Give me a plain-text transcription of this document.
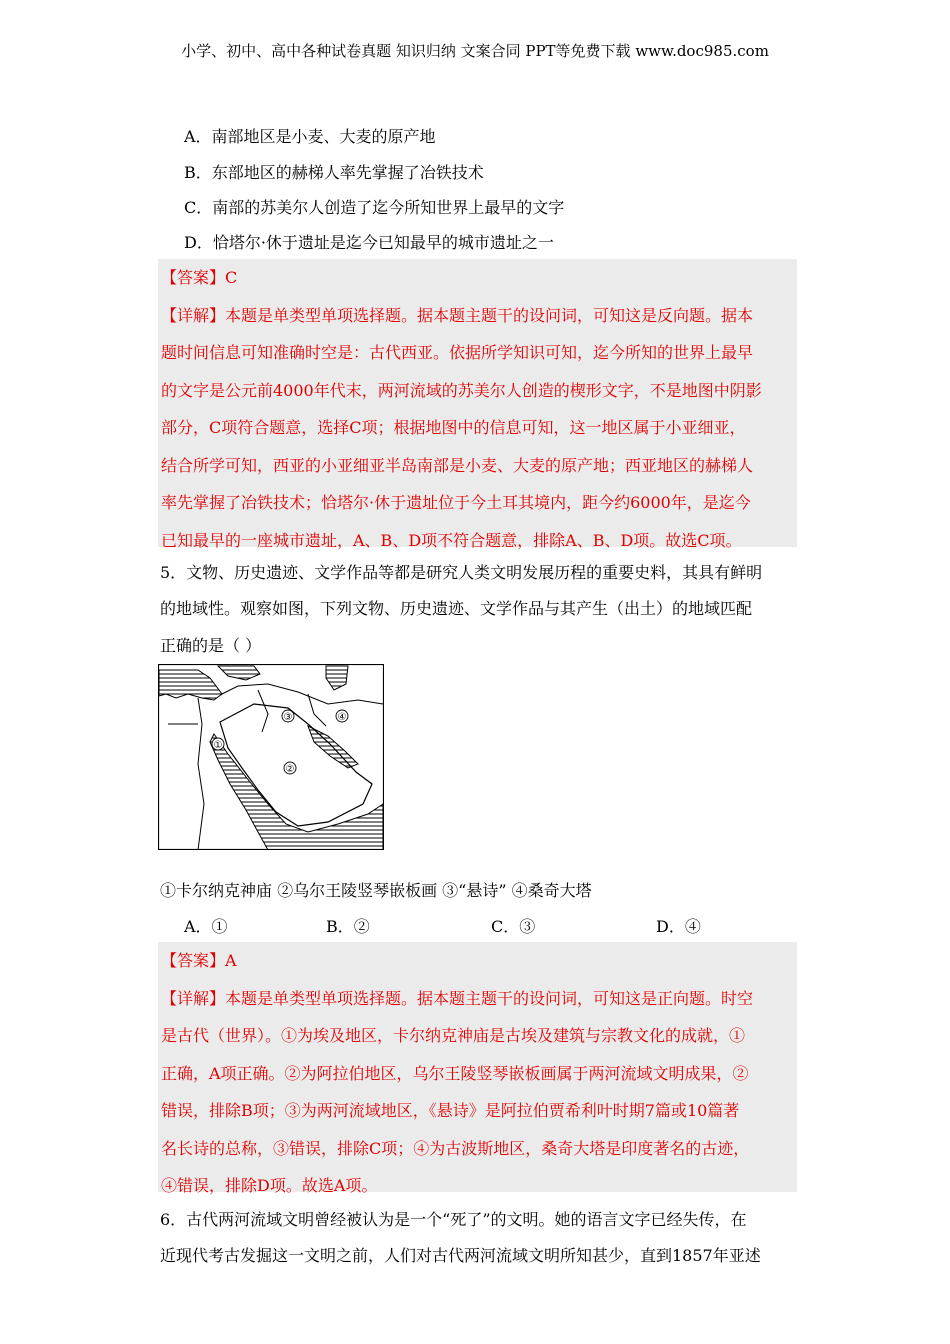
小学、初中、高中各种试卷真题 知识归纳 文案合同 PPT等免费下载 www.doc985.com
A．南部地区是小麦、大麦的原产地
B．东部地区的赫梯人率先掌握了冶铁技术
C．南部的苏美尔人创造了迄今所知世界上最早的文字
D．恰塔尔·休于遗址是迄今已知最早的城市遗址之一
【答案】C
【详解】本题是单类型单项选择题。据本题主题干的设问词，可知这是反向题。据本
题时间信息可知准确时空是：古代西亚。依据所学知识可知，迄今所知的世界上最早
的文字是公元前4000年代末，两河流域的苏美尔人创造的楔形文字，不是地图中阴影
部分，C项符合题意，选择C项；根据地图中的信息可知，这一地区属于小亚细亚，
结合所学可知，西亚的小亚细亚半岛南部是小麦、大麦的原产地；西亚地区的赫梯人
率先掌握了冶铁技术；恰塔尔·休于遗址位于今土耳其境内，距今约6000年，是迄今
已知最早的一座城市遗址，A、B、D项不符合题意，排除A、B、D项。故选C项。
5．文物、历史遗迹、文学作品等都是研究人类文明发展历程的重要史料，其具有鲜明
的地域性。观察如图，下列文物、历史遗迹、文学作品与其产生（出土）的地域匹配
正确的是（ ）
①
②
③	④
①卡尔纳克神庙 ②乌尔王陵竖琴嵌板画 ③“悬诗” ④桑奇大塔
A．①	B．②	C．③	D．④
【答案】A
【详解】本题是单类型单项选择题。据本题主题干的设问词，可知这是正向题。时空
是古代（世界）。①为埃及地区，卡尔纳克神庙是古埃及建筑与宗教文化的成就，①
正确，A项正确。②为阿拉伯地区，乌尔王陵竖琴嵌板画属于两河流域文明成果，②
错误，排除B项；③为两河流域地区，《悬诗》是阿拉伯贾希利叶时期7篇或10篇著
名长诗的总称，③错误，排除C项；④为古波斯地区，桑奇大塔是印度著名的古迹，
④错误，排除D项。故选A项。
6．古代两河流域文明曾经被认为是一个“死了”的文明。她的语言文字已经失传，在
近现代考古发掘这一文明之前，人们对古代两河流域文明所知甚少，直到1857年亚述
